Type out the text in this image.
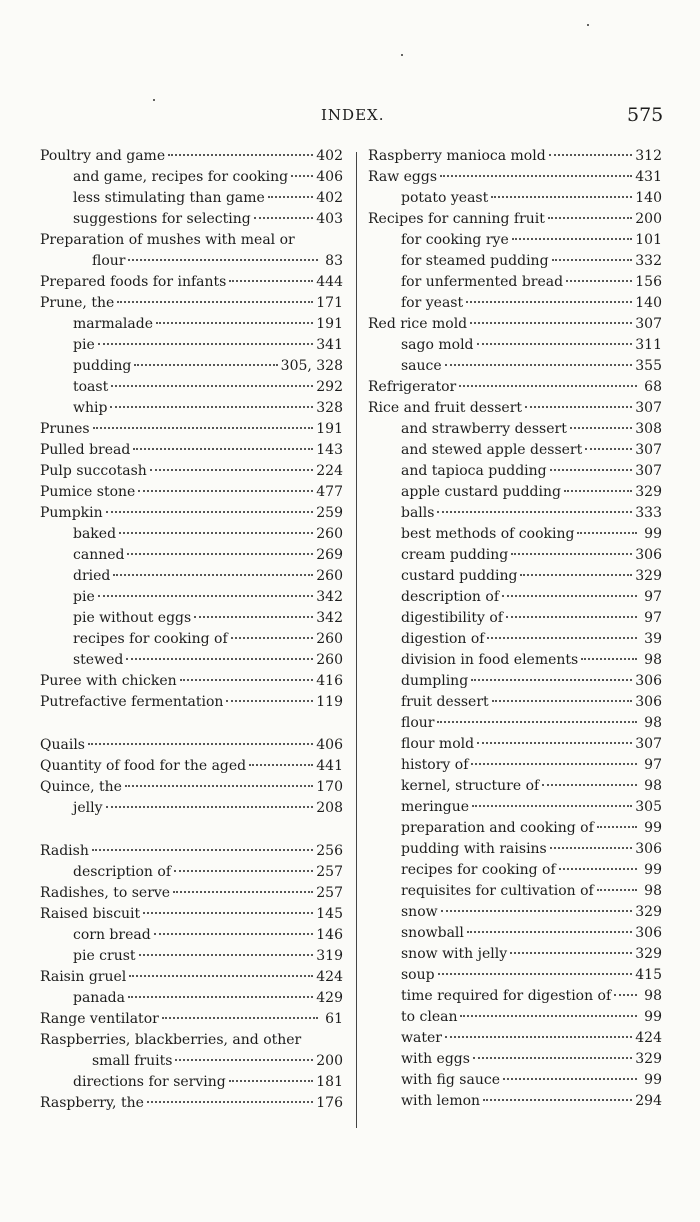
INDEX.	575
Poultry and game	402
and game, recipes for cooking 406
less stimulating than game	402
suggestions for selecting	403
Preparation of mushes with meal or
flour	83
Prepared foods for infants	444
Prune, the	171
marmalade	191
pie	341
pudding	305, 328
toast	292
whip	328
Prunes	191
Pulled bread	143
Pulp succotash	224
Pumice stone	477
Pumpkin	259
baked	260
canned	269
dried	260
pie	342
pie without eggs	342
recipes for cooking of	260
stewed	260
Puree with chicken	416
Putrefactive fermentation	119
Quails	406
Quantity of food for the aged	441
Quince, the	170
jelly	208
Radish	256
description of	257
Radishes, to serve	257
Raised biscuit	145
corn bread	146
pie crust	319
Raisin gruel	424
panada	429
Range ventilator	61
Raspberries, blackberries, and other
small fruits	200
directions for serving	181
Raspberry, the	176
Raspberry manioca mold	312
Raw eggs	431
potato yeast	140
Recipes for canning fruit	200
for cooking rye	101
for steamed pudding	332
for unfermented bread	156
for yeast	140
Red rice mold	307
sago mold	311
sauce	355
Refrigerator	68
Rice and fruit dessert	307
and strawberry dessert	308
and stewed apple dessert	307
and tapioca pudding	307
apple custard pudding	329
balls	333
best methods of cooking	99
cream pudding	306
custard pudding	329
description of	97
digestibility of	97
digestion of	39
division in food elements	98
dumpling	306
fruit dessert	306
flour	98
flour mold	307
history of	97
kernel, structure of	98
meringue	305
preparation and cooking of	99
pudding with raisins	306
recipes for cooking of	99
requisites for cultivation of	98
snow	329
snowball	306
snow with jelly	329
soup	415
time required for digestion of 98
to clean	99
water	424
with eggs	329
with fig sauce	99
with lemon	294
